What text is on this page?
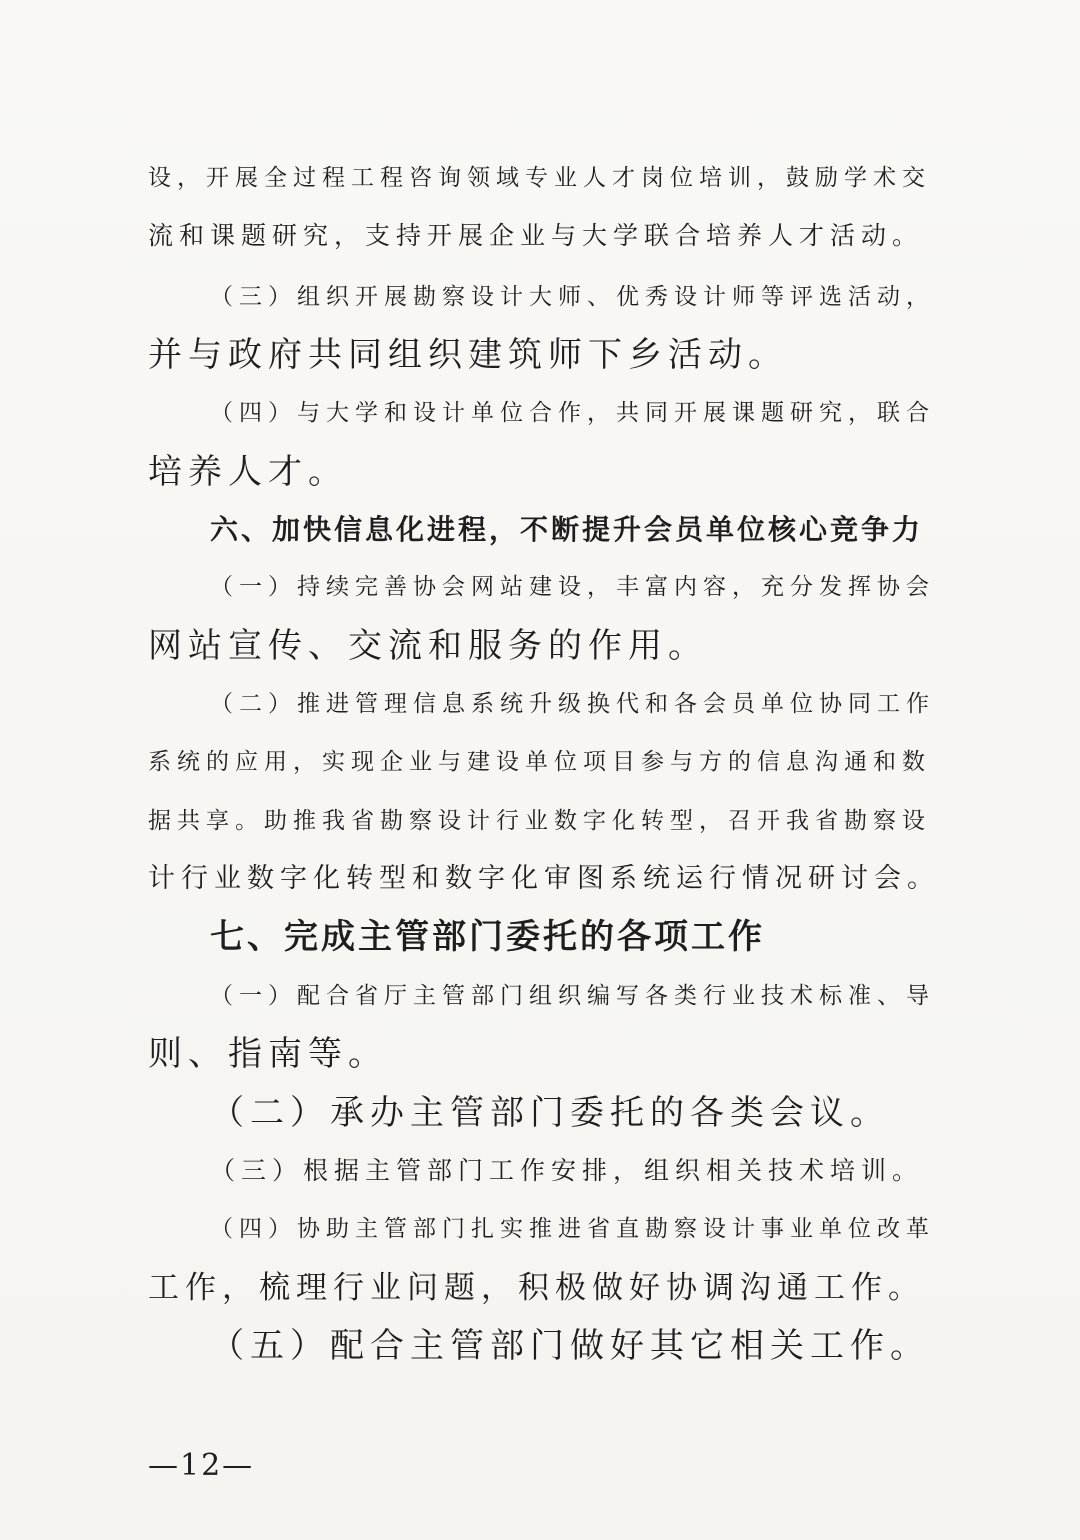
设，开展全过程工程咨询领域专业人才岗位培训，鼓励学术交
流和课题研究，支持开展企业与大学联合培养人才活动。
（三）组织开展勘察设计大师、优秀设计师等评选活动，
并与政府共同组织建筑师下乡活动。
（四）与大学和设计单位合作，共同开展课题研究，联合
培养人才。
六、加快信息化进程，不断提升会员单位核心竞争力
（一）持续完善协会网站建设，丰富内容，充分发挥协会
网站宣传、交流和服务的作用。
（二）推进管理信息系统升级换代和各会员单位协同工作
系统的应用，实现企业与建设单位项目参与方的信息沟通和数
据共享。助推我省勘察设计行业数字化转型，召开我省勘察设
计行业数字化转型和数字化审图系统运行情况研讨会。
七、完成主管部门委托的各项工作
（一）配合省厅主管部门组织编写各类行业技术标准、导
则、指南等。
（二）承办主管部门委托的各类会议。
（三）根据主管部门工作安排，组织相关技术培训。
（四）协助主管部门扎实推进省直勘察设计事业单位改革
工作，梳理行业问题，积极做好协调沟通工作。
（五）配合主管部门做好其它相关工作。
—12—
